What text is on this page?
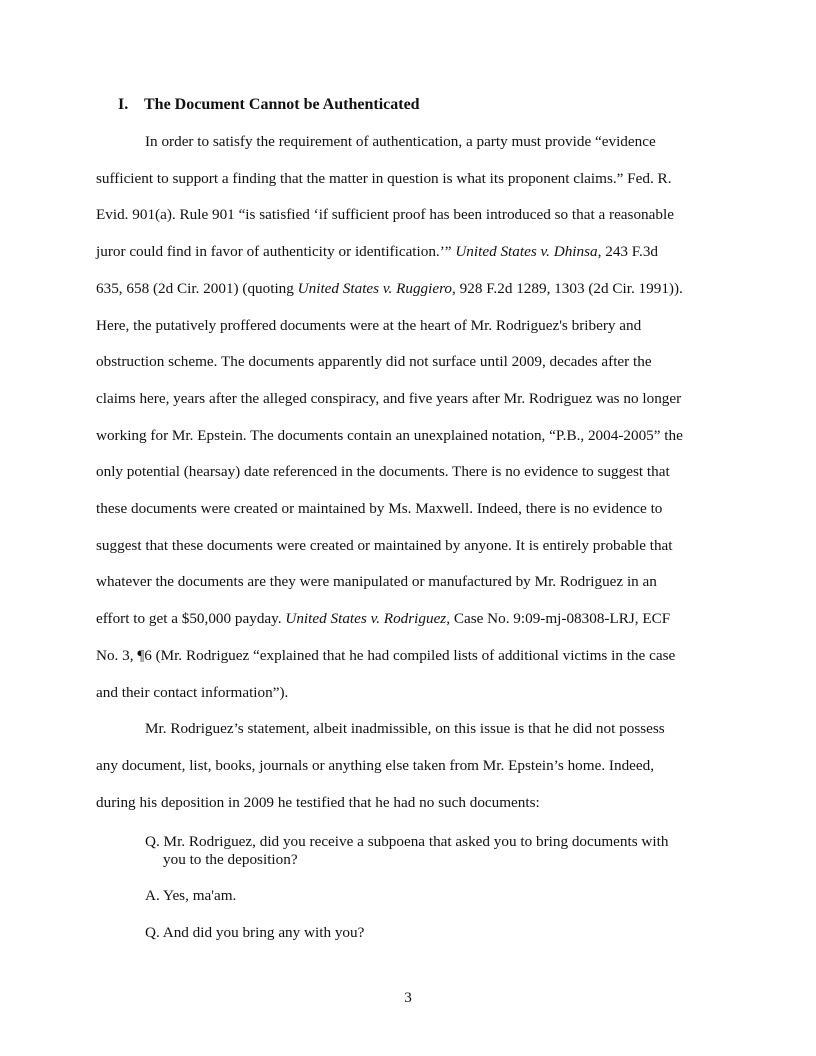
I. The Document Cannot be Authenticated
In order to satisfy the requirement of authentication, a party must provide “evidence
sufficient to support a finding that the matter in question is what its proponent claims.” Fed. R.
Evid. 901(a). Rule 901 “is satisfied ‘if sufficient proof has been introduced so that a reasonable
juror could find in favor of authenticity or identification.’” United States v. Dhinsa, 243 F.3d
635, 658 (2d Cir. 2001) (quoting United States v. Ruggiero, 928 F.2d 1289, 1303 (2d Cir. 1991)).
Here, the putatively proffered documents were at the heart of Mr. Rodriguez's bribery and
obstruction scheme. The documents apparently did not surface until 2009, decades after the
claims here, years after the alleged conspiracy, and five years after Mr. Rodriguez was no longer
working for Mr. Epstein. The documents contain an unexplained notation, “P.B., 2004-2005” the
only potential (hearsay) date referenced in the documents. There is no evidence to suggest that
these documents were created or maintained by Ms. Maxwell. Indeed, there is no evidence to
suggest that these documents were created or maintained by anyone. It is entirely probable that
whatever the documents are they were manipulated or manufactured by Mr. Rodriguez in an
effort to get a $50,000 payday. United States v. Rodriguez, Case No. 9:09-mj-08308-LRJ, ECF
No. 3, ¶6 (Mr. Rodriguez “explained that he had compiled lists of additional victims in the case
and their contact information”).
Mr. Rodriguez’s statement, albeit inadmissible, on this issue is that he did not possess
any document, list, books, journals or anything else taken from Mr. Epstein’s home. Indeed,
during his deposition in 2009 he testified that he had no such documents:
Q. Mr. Rodriguez, did you receive a subpoena that asked you to bring documents with
you to the deposition?
A. Yes, ma'am.
Q. And did you bring any with you?
3
